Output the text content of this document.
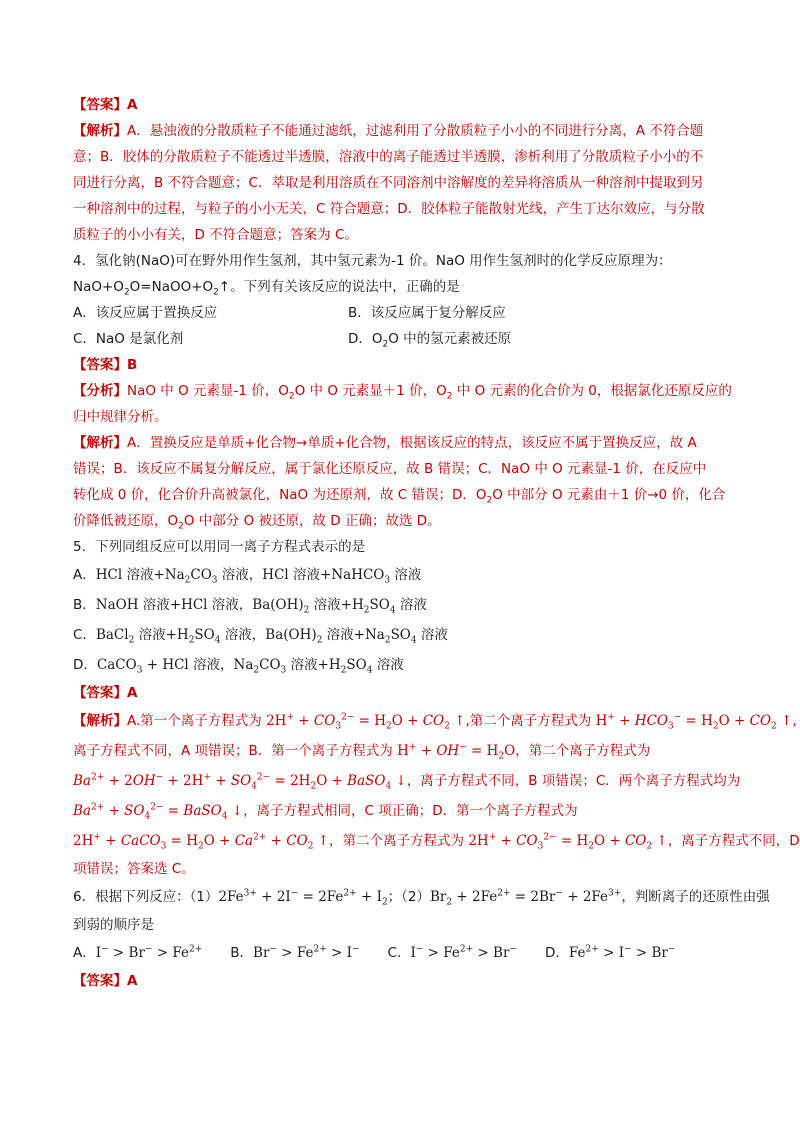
【答案】A
【解析】A．悬浊液的分散质粒子不能通过滤纸，过滤利用了分散质粒子小小的不同进行分离，A 不符合题
意；B．胶体的分散质粒子不能透过半透膜，溶液中的离子能透过半透膜，渗析利用了分散质粒子小小的不
同进行分离，B 不符合题意；C．萃取是利用溶质在不同溶剂中溶解度的差异将溶质从一种溶剂中提取到另
一种溶剂中的过程，与粒子的小小无关，C 符合题意；D．胶体粒子能散射光线，产生丁达尔效应，与分散
质粒子的小小有关，D 不符合题意；答案为 C。
4．氢化钠(NaO)可在野外用作生氢剂，其中氢元素为-1 价。NaO 用作生氢剂时的化学反应原理为：
$NaO+O_2O=NaOO+O_2↑$。下列有关该反应的说法中，正确的是
A．该反应属于置换反应	B．该反应属于复分解反应
C．NaO 是氯化剂	D．$O_2O$ 中的氢元素被还原
【答案】B
【分析】NaO 中 O 元素显-1 价，$O_2O$ 中 O 元素显＋1 价，$O_2$ 中 O 元素的化合价为 0，根据氯化还原反应的
归中规律分析。
【解析】A．置换反应是单质+化合物→单质+化合物，根据该反应的特点，该反应不属于置换反应，故 A
错误；B．该反应不属复分解反应，属于氯化还原反应，故 B 错误；C．NaO 中 O 元素显-1 价，在反应中
转化成 0 价，化合价升高被氯化，NaO 为还原剂，故 C 错误；D．$O_2O$ 中部分 O 元素由＋1 价→0 价，化合
价降低被还原，$O_2O$ 中部分 O 被还原，故 D 正确；故选 D。
5．下列同组反应可以用同一离子方程式表示的是
A．HCl 溶液$+Na_2CO_3$ 溶液，HCl 溶液+NaHCO$_3$ 溶液
B．NaOH 溶液+HCl 溶液，$Ba(OH)_2$ 溶液$+H_2SO_4$ 溶液
C．BaCl$_2$ 溶液$+H_2SO_4$ 溶液，$Ba(OH)_2$ 溶液$+Na_2SO_4$ 溶液
D．CaCO$_3$ + HCl 溶液，$Na_2CO_3$ 溶液$+H_2SO_4$ 溶液
【答案】A
【解析】A.第一个离子方程式为 $2H^+ + CO_3^{2-} = H_2O + CO_2$ ↑,第二个离子方程式为 $H^+ + HCO_3^- = H_2O + CO_2$ ↑,
离子方程式不同，A 项错误；B．第一个离子方程式为 $H^+ + OH^- = H_2O$，第二个离子方程式为
$Ba^{2+} + 2OH^- + 2H^+ + SO_4^{2-} = 2H_2O$ + BaSO$_4$ ↓，离子方程式不同，B 项错误；C．两个离子方程式均为
$Ba^{2+} + SO_4^{2-}$ = BaSO$_4$ ↓，离子方程式相同，C 项正确；D．第一个离子方程式为
2H+ + CaCO$_3$ = $H_2O + Ca^{2+} + CO_2$ ↑，第二个离子方程式为 $2H^+ + CO_3^{2-} = H_2O + CO_2$ ↑，离子方程式不同，D
项错误；答案选 C。
6．根据下列反应：$(1)2Fe^{3+} + 2I^- = 2Fe^{2+} + I_2$；$(2)Br_2 + 2Fe^{2+} = 2Br^- + 2Fe^{3+}$，判断离子的还原性由强
到弱的顺序是
A．$I^- > Br^- > Fe^{2+}$ B．$Br^- > Fe^{2+} > I^-$ C．$I^- > Fe^{2+} > Br^-$ D．$Fe^{2+} > I^- > Br^-$
【答案】A
